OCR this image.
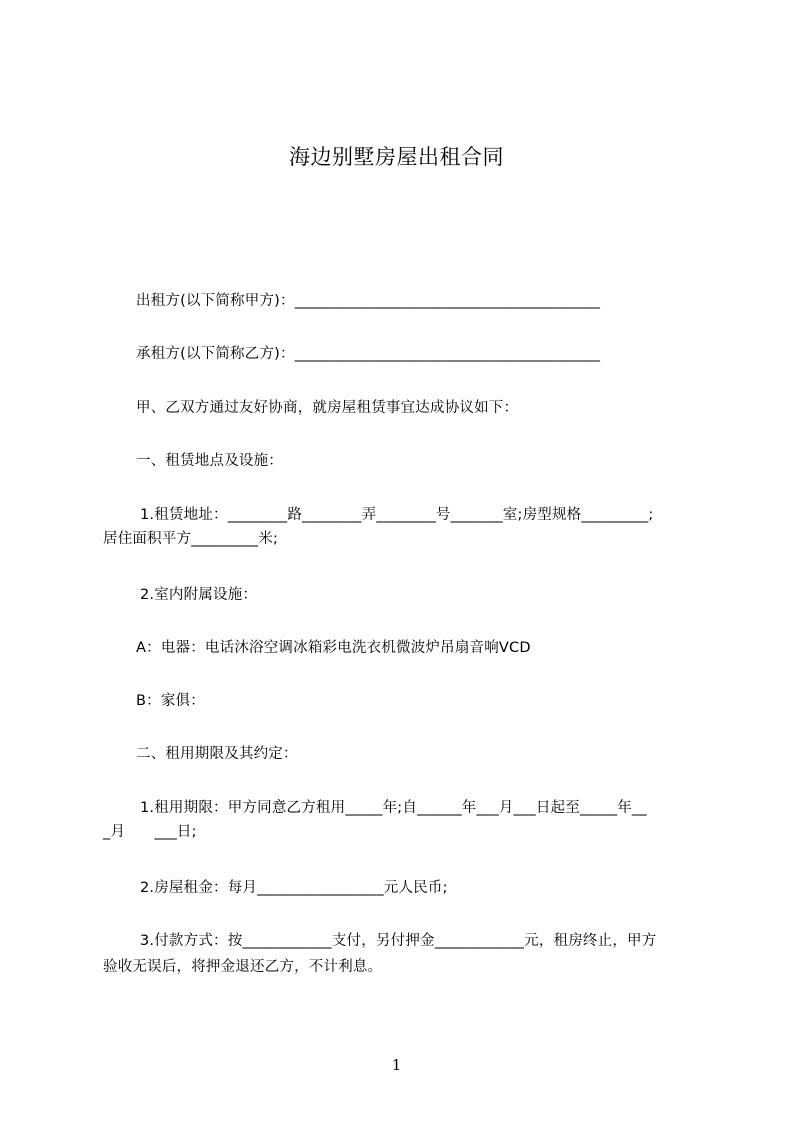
海边别墅房屋出租合同
出租方(以下简称甲方)：_________________________________________
承租方(以下简称乙方)：_________________________________________
甲、乙双方通过友好协商，就房屋租赁事宜达成协议如下：
一、租赁地点及设施：
1.租赁地址：________路________弄________号_______室;房型规格_________;
居住面积平方_________米;
2.室内附属设施：
A：电器：电话沐浴空调冰箱彩电洗衣机微波炉吊扇音响VCD
B：家俱：
二、租用期限及其约定：
1.租用期限：甲方同意乙方租用_____年;自______年___月___日起至_____年__
_月　　___日;
2.房屋租金：每月_________________元人民币;
3.付款方式：按____________支付，另付押金____________元，租房终止，甲方
验收无误后，将押金退还乙方，不计利息。
1
